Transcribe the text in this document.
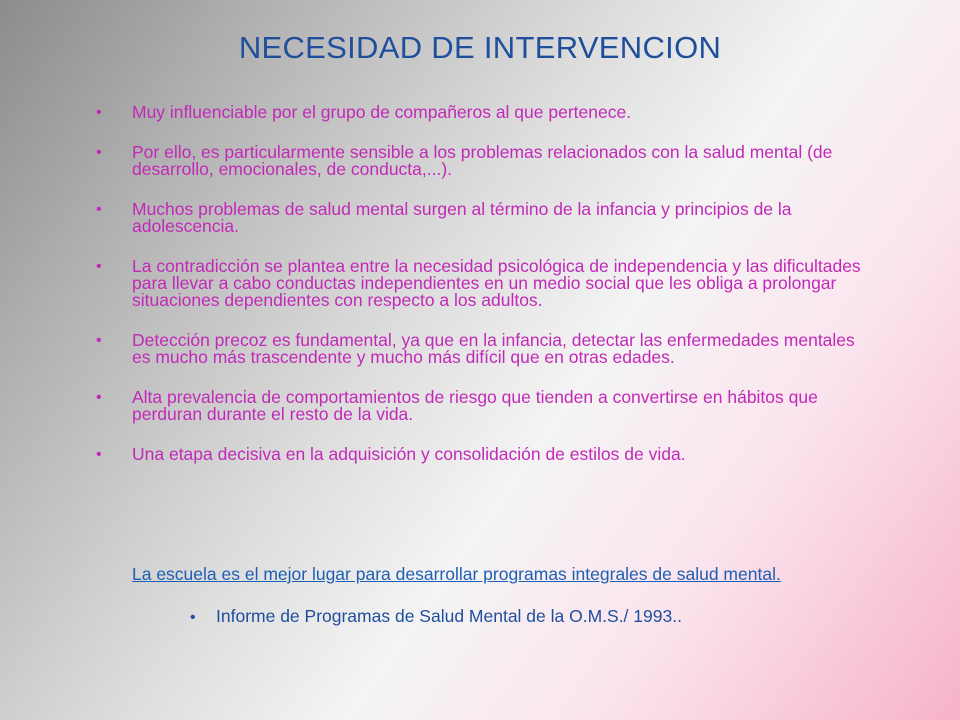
NECESIDAD DE INTERVENCION
• Muy influenciable por el grupo de compañeros al que pertenece.
• Por ello, es particularmente sensible a los problemas relacionados con la salud mental (de desarrollo, emocionales, de conducta,...).
• Muchos problemas de salud mental surgen al término de la infancia y principios de la adolescencia.
• La contradicción se plantea entre la necesidad psicológica de independencia y las dificultades para llevar a cabo conductas independientes en un medio social que les obliga a prolongar situaciones dependientes con respecto a los adultos.
• Detección precoz es fundamental, ya que en la infancia, detectar las enfermedades mentales es mucho más trascendente y mucho más difícil que en otras edades.
• Alta prevalencia de comportamientos de riesgo que tienden a convertirse en hábitos que perduran durante el resto de la vida.
• Una etapa decisiva en la adquisición y consolidación de estilos de vida.
La escuela es el mejor lugar para desarrollar programas integrales de salud mental.
• Informe de Programas de Salud Mental de la O.M.S./ 1993..
